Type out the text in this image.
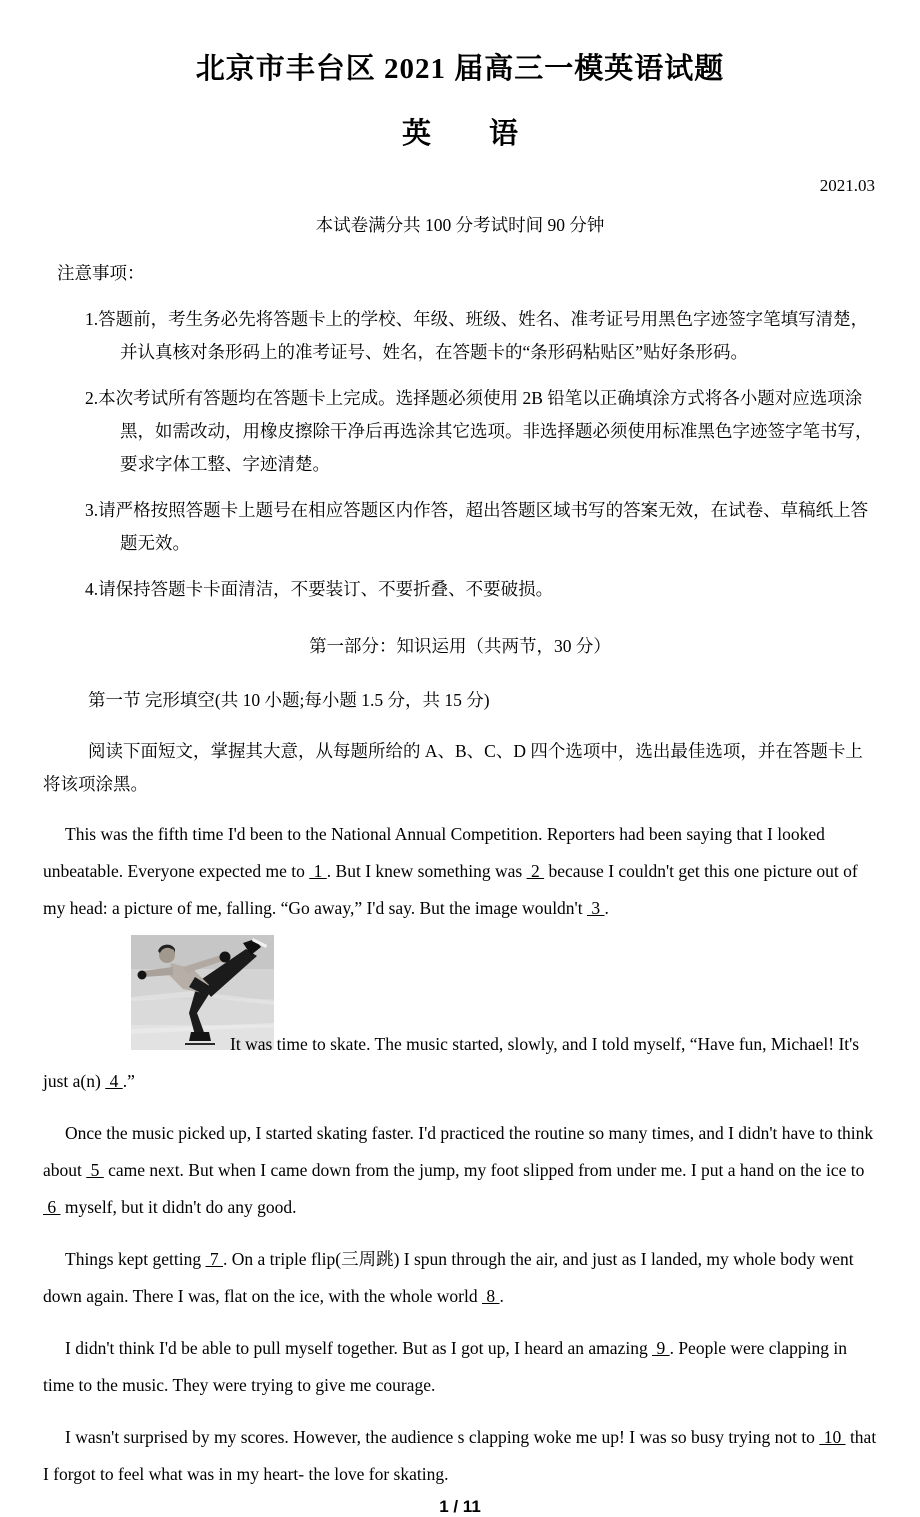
北京市丰台区 2021 届高三一模英语试题
英　　语
2021.03
本试卷满分共 100 分考试时间 90 分钟
注意事项：
1.答题前，考生务必先将答题卡上的学校、年级、班级、姓名、准考证号用黑色字迹签字笔填写清楚，并认真核对条形码上的准考证号、姓名，在答题卡的“条形码粘贴区”贴好条形码。
2.本次考试所有答题均在答题卡上完成。选择题必须使用 2B 铅笔以正确填涂方式将各小题对应选项涂黑，如需改动，用橡皮擦除干净后再选涂其它选项。非选择题必须使用标准黑色字迹签字笔书写，要求字体工整、字迹清楚。
3.请严格按照答题卡上题号在相应答题区内作答，超出答题区域书写的答案无效，在试卷、草稿纸上答题无效。
4.请保持答题卡卡面清洁，不要装订、不要折叠、不要破损。
第一部分：知识运用（共两节，30 分）
第一节 完形填空(共 10 小题;每小题 1.5 分，共 15 分)

阅读下面短文，掌握其大意，从每题所给的 A、B、C、D 四个选项中，选出最佳选项，并在答题卡上将该项涂黑。

This was the fifth time I'd been to the National Annual Competition. Reporters had been saying that I looked unbeatable. Everyone expected me to  1 . But I knew something was  2  because I couldn't get this one picture out of my head: a picture of me, falling. “Go away,” I'd say. But the image wouldn't  3 .

It was time to skate. The music started, slowly, and I told myself, “Have fun, Michael! It's just a(n)  4 .”

Once the music picked up, I started skating faster. I'd practiced the routine so many times, and I didn't have to think about  5  came next. But when I came down from the jump, my foot slipped from under me. I put a hand on the ice to  6  myself, but it didn't do any good.

Things kept getting  7 . On a triple flip(三周跳) I spun through the air, and just as I landed, my whole body went down again. There I was, flat on the ice, with the whole world  8 .

I didn't think I'd be able to pull myself together. But as I got up, I heard an amazing  9 . People were clapping in time to the music. They were trying to give me courage.

I wasn't surprised by my scores. However, the audience s clapping woke me up! I was so busy trying not to  10  that I forgot to feel what was in my heart- the love for skating.

1 / 11
